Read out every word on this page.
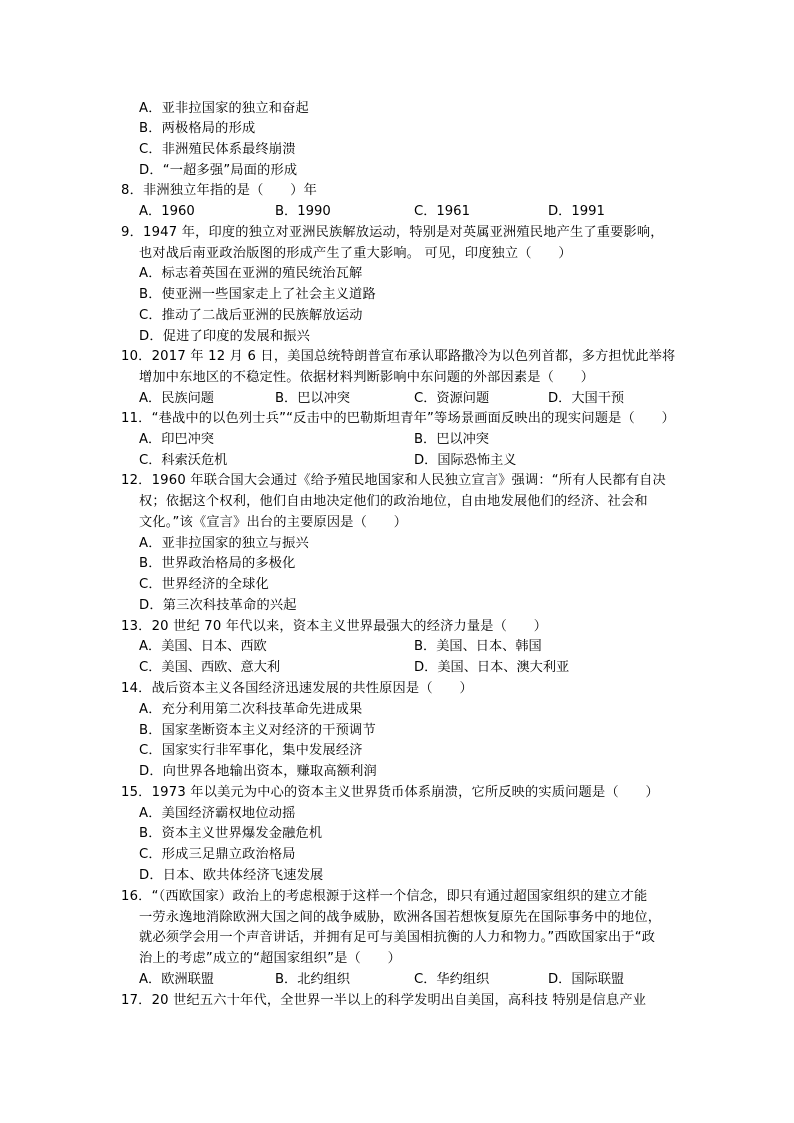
A．亚非拉国家的独立和奋起
B．两极格局的形成
C．非洲殖民体系最终崩溃
D．“一超多强”局面的形成
8．非洲独立年指的是（　　）年
A．1960	B．1990	C．1961	D．1991
9．1947 年，印度的独立对亚洲民族解放运动，特别是对英属亚洲殖民地产生了重要影响，
也对战后南亚政治版图的形成产生了重大影响。 可见，印度独立（　　）
A．标志着英国在亚洲的殖民统治瓦解
B．使亚洲一些国家走上了社会主义道路
C．推动了二战后亚洲的民族解放运动
D．促进了印度的发展和振兴
10．2017 年 12 月 6 日，美国总统特朗普宣布承认耶路撒冷为以色列首都，多方担忧此举将
增加中东地区的不稳定性。依据材料判断影响中东问题的外部因素是（　　）
A．民族问题	B．巴以冲突	C．资源问题	D．大国干预
11．“巷战中的以色列士兵”“反击中的巴勒斯坦青年”等场景画面反映出的现实问题是（　　）
A．印巴冲突	B．巴以冲突
C．科索沃危机	D．国际恐怖主义
12．1960 年联合国大会通过《给予殖民地国家和人民独立宣言》强调：“所有人民都有自决
权；依据这个权利，他们自由地决定他们的政治地位，自由地发展他们的经济、社会和
文化。”该《宣言》出台的主要原因是（　　）
A．亚非拉国家的独立与振兴
B．世界政治格局的多极化
C．世界经济的全球化
D．第三次科技革命的兴起
13．20 世纪 70 年代以来，资本主义世界最强大的经济力量是（　　）
A．美国、日本、西欧	B．美国、日本、韩国
C．美国、西欧、意大利	D．美国、日本、澳大利亚
14．战后资本主义各国经济迅速发展的共性原因是（　　）
A．充分利用第二次科技革命先进成果
B．国家垄断资本主义对经济的干预调节
C．国家实行非军事化，集中发展经济
D．向世界各地输出资本，赚取高额利润
15．1973 年以美元为中心的资本主义世界货币体系崩溃，它所反映的实质问题是（　　）
A．美国经济霸权地位动摇
B．资本主义世界爆发金融危机
C．形成三足鼎立政治格局
D．日本、欧共体经济飞速发展
16．“（西欧国家）政治上的考虑根源于这样一个信念，即只有通过超国家组织的建立才能
一劳永逸地消除欧洲大国之间的战争威胁，欧洲各国若想恢复原先在国际事务中的地位，
就必须学会用一个声音讲话，并拥有足可与美国相抗衡的人力和物力。”西欧国家出于“政
治上的考虑”成立的“超国家组织”是（　　）
A．欧洲联盟	B．北约组织	C．华约组织	D．国际联盟
17．20 世纪五六十年代，全世界一半以上的科学发明出自美国，高科技 特别是信息产业
